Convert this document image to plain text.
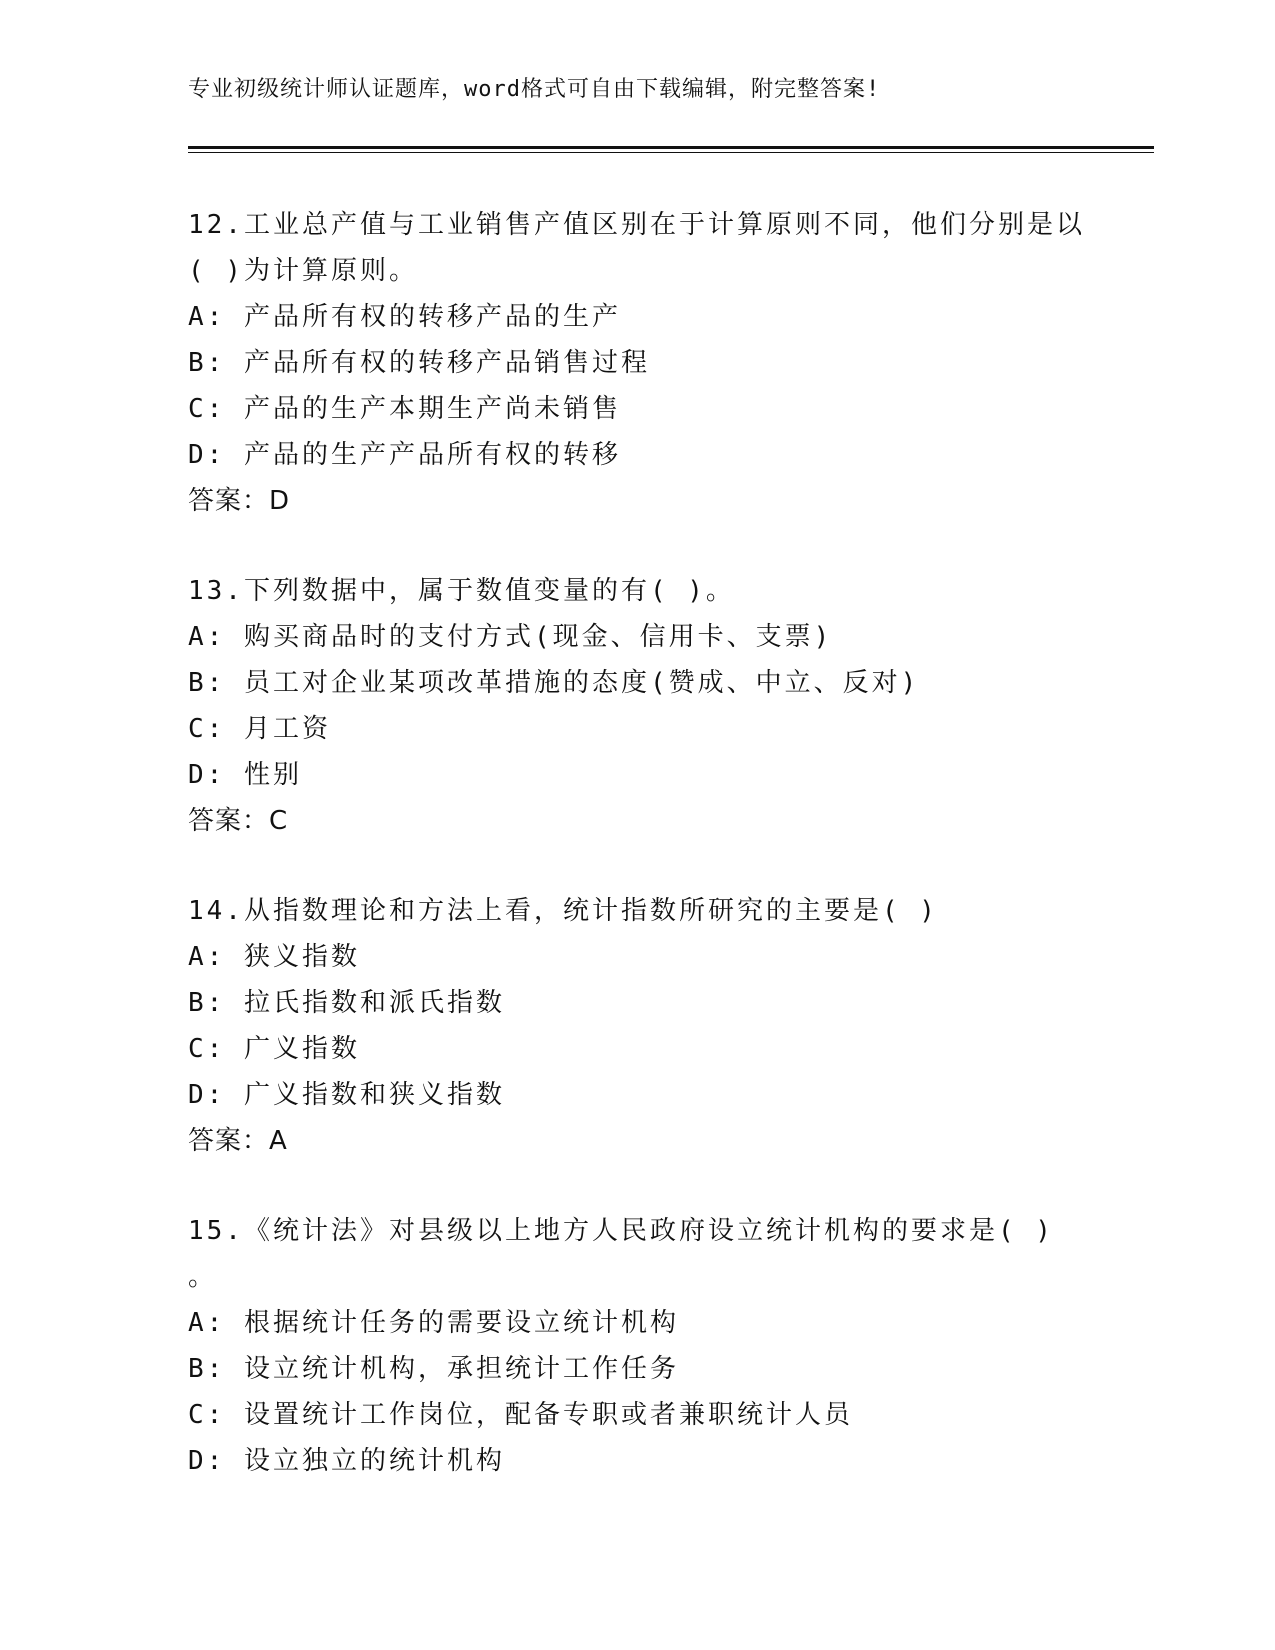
专业初级统计师认证题库，word格式可自由下载编辑，附完整答案!
12.工业总产值与工业销售产值区别在于计算原则不同，他们分别是以
( )为计算原则。
A: 产品所有权的转移产品的生产
B: 产品所有权的转移产品销售过程
C: 产品的生产本期生产尚未销售
D: 产品的生产产品所有权的转移
答案：D
13.下列数据中，属于数值变量的有( )。
A: 购买商品时的支付方式(现金、信用卡、支票)
B: 员工对企业某项改革措施的态度(赞成、中立、反对)
C: 月工资
D: 性别
答案：C
14.从指数理论和方法上看，统计指数所研究的主要是( )
A: 狭义指数
B: 拉氏指数和派氏指数
C: 广义指数
D: 广义指数和狭义指数
答案：A
15.《统计法》对县级以上地方人民政府设立统计机构的要求是( )
。
A: 根据统计任务的需要设立统计机构
B: 设立统计机构，承担统计工作任务
C: 设置统计工作岗位，配备专职或者兼职统计人员
D: 设立独立的统计机构
